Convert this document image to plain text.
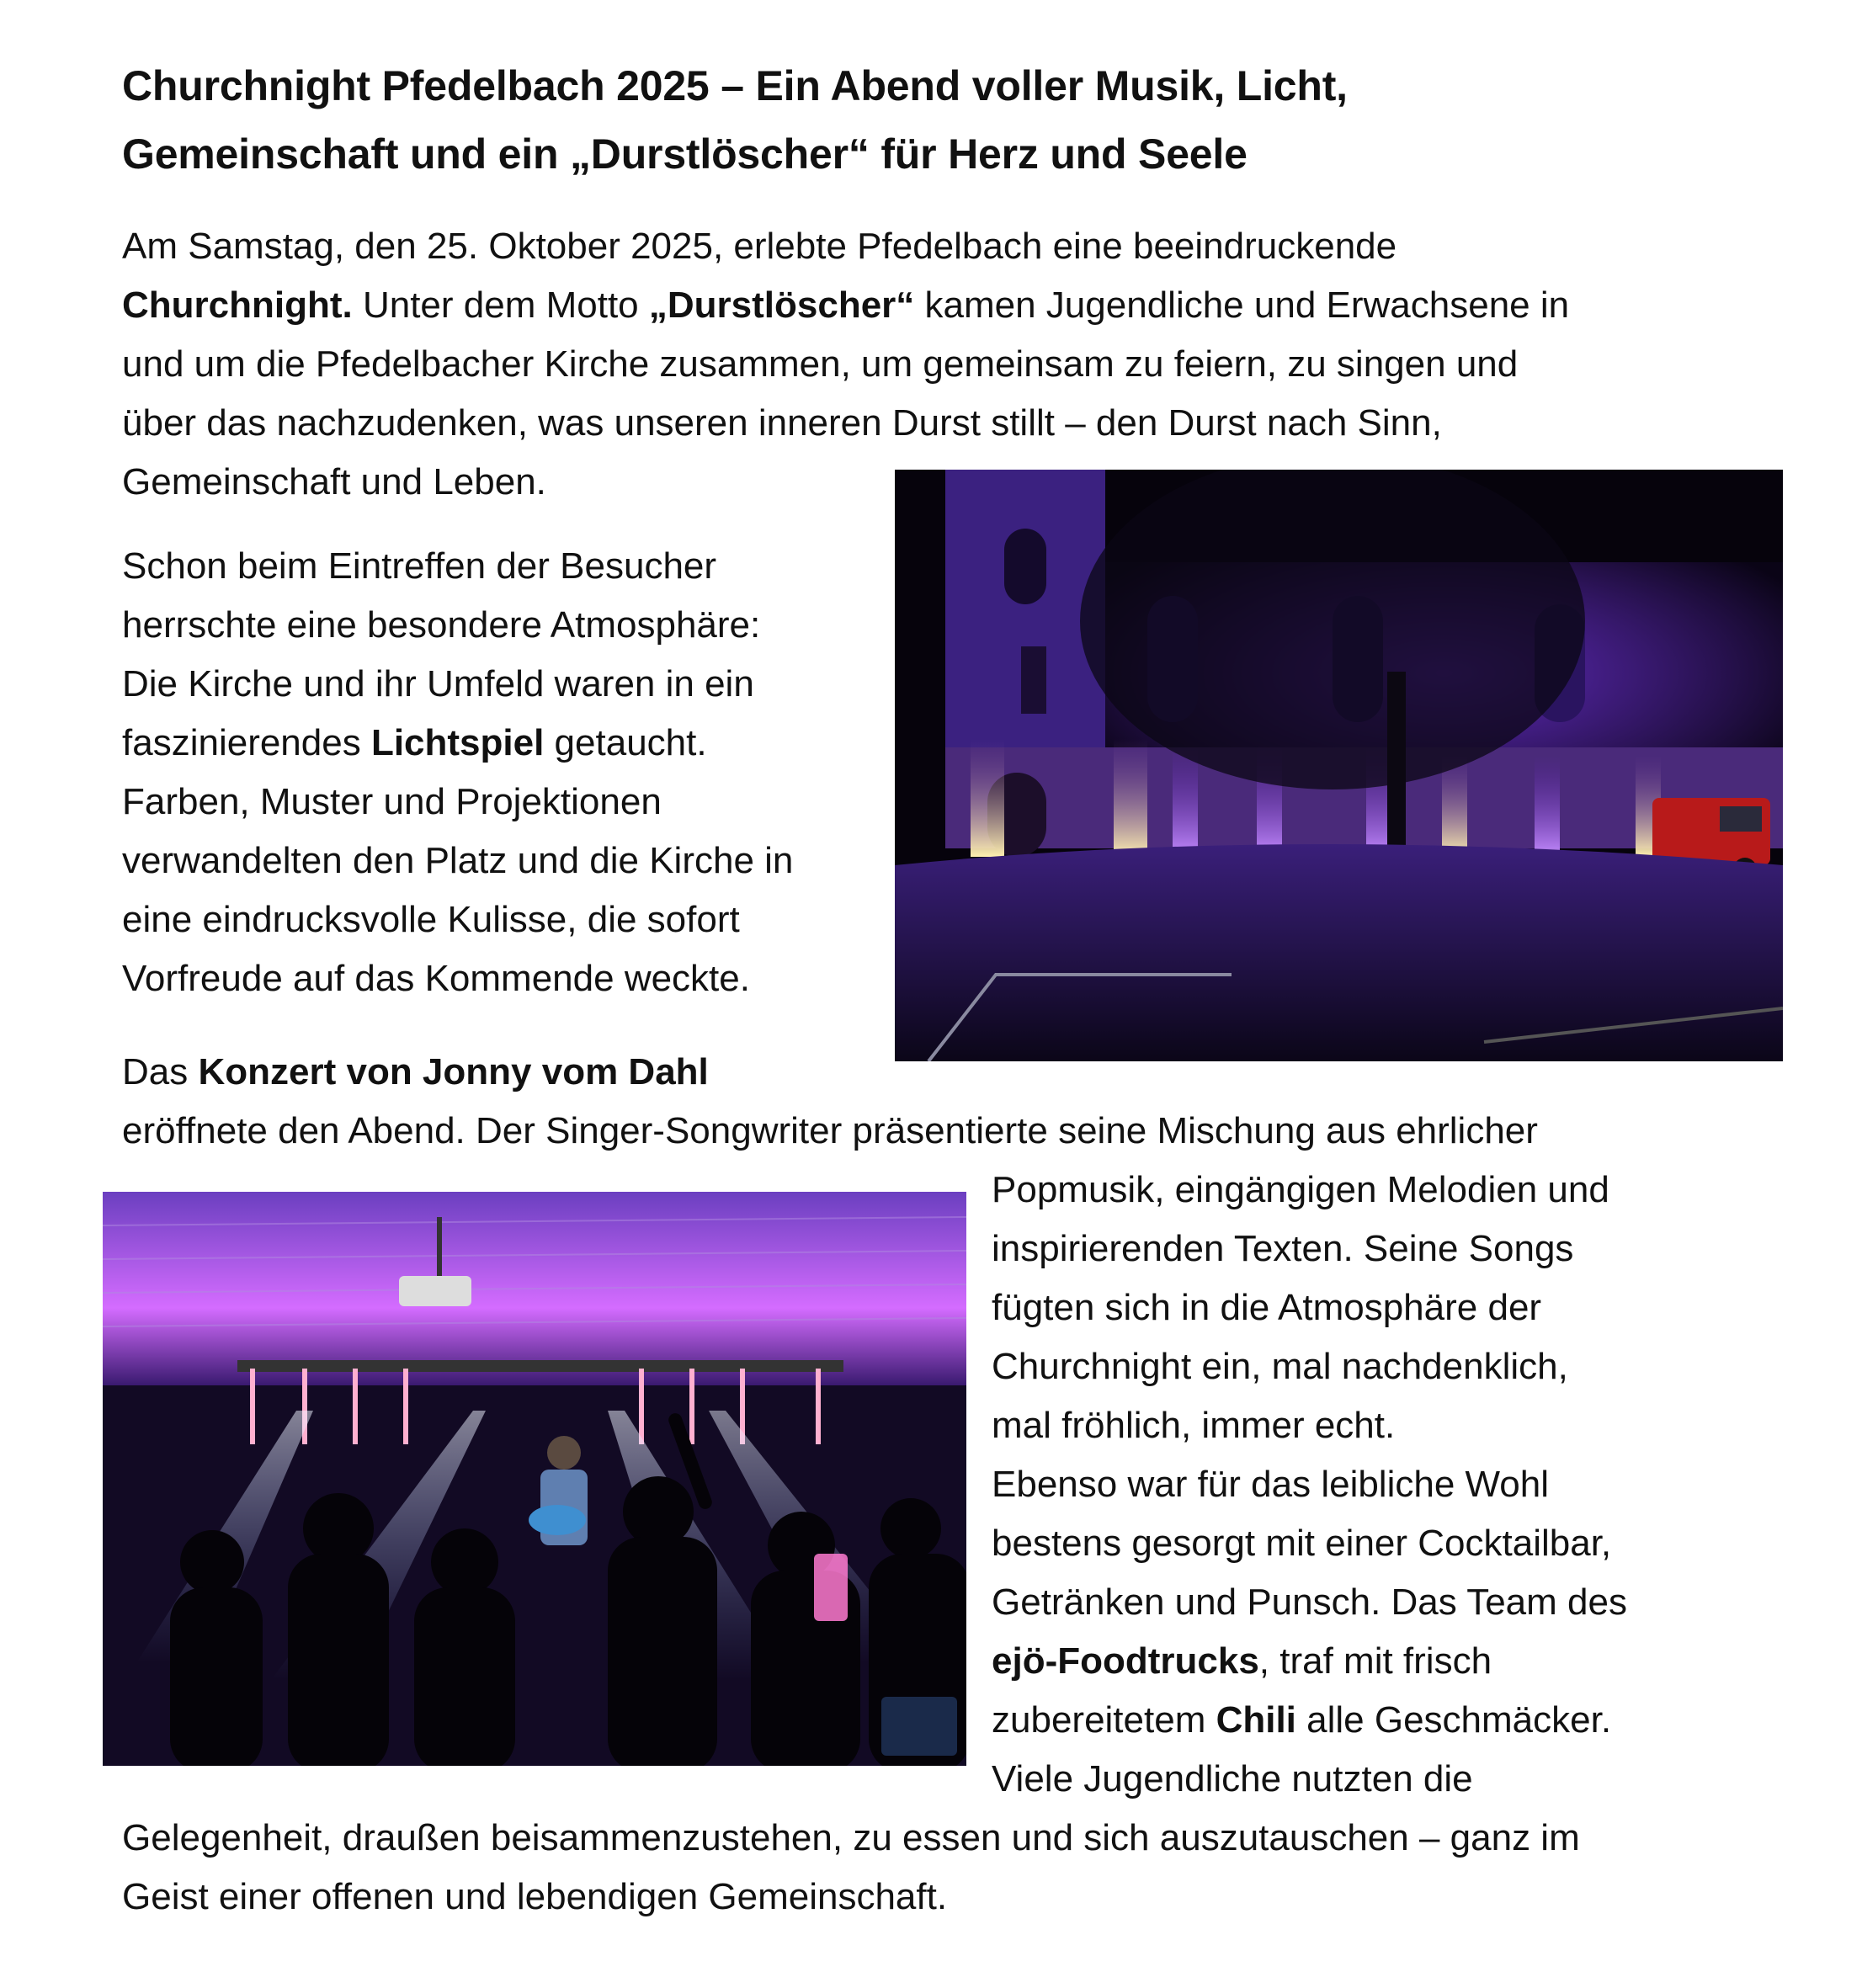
Churchnight Pfedelbach 2025 – Ein Abend voller Musik, Licht,
Gemeinschaft und ein „Durstlöscher“ für Herz und Seele
Am Samstag, den 25. Oktober 2025, erlebte Pfedelbach eine beeindruckende
Churchnight. Unter dem Motto „Durstlöscher“ kamen Jugendliche und Erwachsene in
und um die Pfedelbacher Kirche zusammen, um gemeinsam zu feiern, zu singen und
über das nachzudenken, was unseren inneren Durst stillt – den Durst nach Sinn,
Gemeinschaft und Leben.
Schon beim Eintreffen der Besucher
herrschte eine besondere Atmosphäre:
Die Kirche und ihr Umfeld waren in ein
faszinierendes Lichtspiel getaucht.
Farben, Muster und Projektionen
verwandelten den Platz und die Kirche in
eine eindrucksvolle Kulisse, die sofort
Vorfreude auf das Kommende weckte.
Das Konzert von Jonny vom Dahl
eröffnete den Abend. Der Singer-Songwriter präsentierte seine Mischung aus ehrlicher
Popmusik, eingängigen Melodien und
inspirierenden Texten. Seine Songs
fügten sich in die Atmosphäre der
Churchnight ein, mal nachdenklich,
mal fröhlich, immer echt.
Ebenso war für das leibliche Wohl
bestens gesorgt mit einer Cocktailbar,
Getränken und Punsch. Das Team des
ejö-Foodtrucks, traf mit frisch
zubereitetem Chili alle Geschmäcker.
Viele Jugendliche nutzten die
Gelegenheit, draußen beisammenzustehen, zu essen und sich auszutauschen – ganz im
Geist einer offenen und lebendigen Gemeinschaft.
